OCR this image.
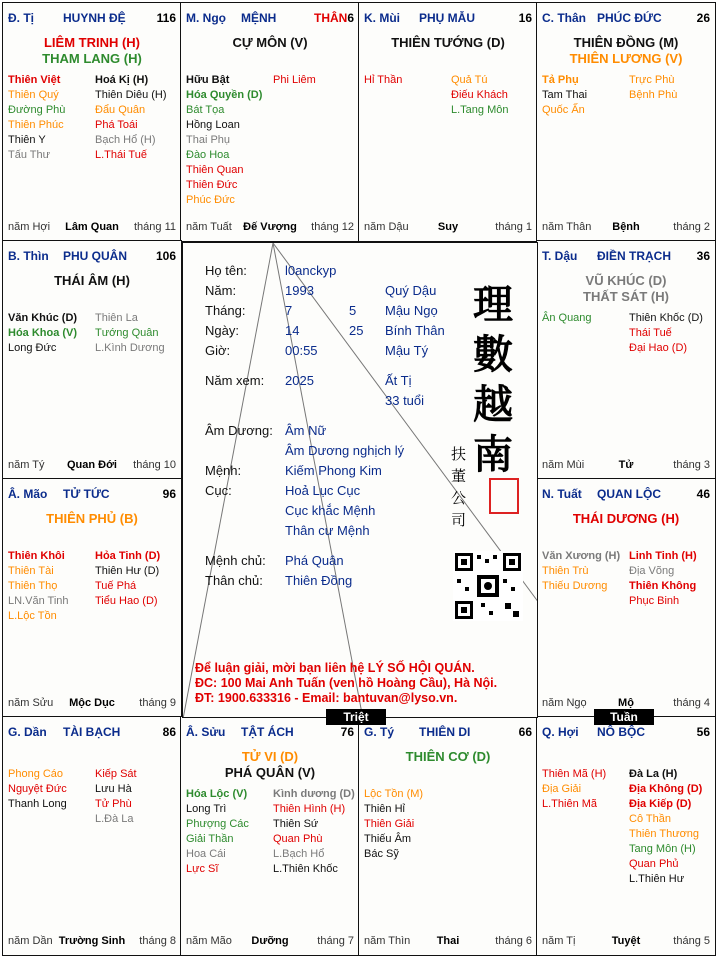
Đ. Tị HUYNH ĐỆ	116
LIÊM TRINH (H)
THAM LANG (H)
Thiên Việt
Thiên Quý
Đường Phù
Thiên Phúc
Thiên Y
Tấu Thư
Hoá Kị (H)
Thiên Diêu (H)
Đẩu Quân
Phá Toái
Bạch Hổ (H)
L.Thái Tuế
năm Hợi	Lâm Quan	tháng 11
M. Ngọ MỆNH	THÂN 6
CỰ MÔN (V)
Hữu Bật
Hóa Quyền (D)
Bát Tọa
Hồng Loan
Thai Phụ
Đào Hoa
Thiên Quan
Thiên Đức
Phúc Đức
Phi Liêm
năm Tuất	Đế Vượng	tháng 12
K. Mùi PHỤ MẪU	16
THIÊN TƯỚNG (D)
Hỉ Thần	Quả Tú
Điếu Khách
L.Tang Môn
năm Dậu	Suy	tháng 1
C. Thân PHÚC ĐỨC	26
THIÊN ĐỒNG (M)
THIÊN LƯƠNG (V)
Tả Phụ
Tam Thai
Quốc Ấn
Trực Phù
Bệnh Phù
năm Thân	Bệnh	tháng 2
B. Thìn PHU QUÂN 106
THÁI ÂM (H)
Văn Khúc (D)
Hóa Khoa (V)
Long Đức
Thiên La
Tướng Quân
L.Kình Dương
năm Tý	Quan Đới	tháng 10
T. Dậu ĐIỀN TRẠCH 36
VŨ KHÚC (D)
THẤT SÁT (H)
Ân Quang	Thiên Khốc (D)
Thái Tuế
Đại Hao (D)
năm Mùi	Tử	tháng 3
Â. Mão TỬ TỨC	96
THIÊN PHỦ (B)
Thiên Khôi
Thiên Tài
Thiên Thọ
LN.Văn Tinh
L.Lộc Tồn
Hỏa Tinh (D)
Thiên Hư (D)
Tuế Phá
Tiểu Hao (D)
năm Sửu	Mộc Dục	tháng 9
N. Tuất QUAN LỘC	46
THÁI DƯƠNG (H)
Văn Xương (H)
Thiên Trù
Thiếu Dương
Linh Tinh (H)
Địa Võng
Thiên Không
Phục Binh
năm Ngọ	Mộ	tháng 4
G. Dần TÀI BẠCH	86
Phong Cáo
Nguyệt Đức
Thanh Long
Kiếp Sát
Lưu Hà
Tử Phù
L.Đà La
năm Dần Trường Sinh	tháng 8
Â. Sửu TẬT ÁCH	76
TỬ VI (D)
PHÁ QUÂN (V)
Hóa Lộc (V)
Long Trì
Phượng Các
Giải Thần
Hoa Cái
Lực Sĩ
Kình dương (D)
Thiên Hình (H)
Thiên Sứ
Quan Phù
L.Bạch Hổ
L.Thiên Khốc
năm Mão	Dưỡng	tháng 7
G. Tý THIÊN DI	66
THIÊN CƠ (D)
Lộc Tồn (M)
Thiên Hỉ
Thiên Giải
Thiếu Âm
Bác Sỹ
năm Thìn	Thai	tháng 6
Q. Hợi NÔ BỘC	56
Thiên Mã (H)
Địa Giải
L.Thiên Mã
Đà La (H)
Địa Không (D)
Địa Kiếp (D)
Cô Thần
Thiên Thương
Tang Môn (H)
Quan Phủ
L.Thiên Hư
năm Tị	Tuyệt	tháng 5
Họ tên:	l0anckyp
Năm:	1993	Quý Dậu
Tháng:	7	5 Mậu Ngọ
Ngày:	14	25 Bính Thân
Giờ:	00:55	Mậu Tý
Năm xem: 2025	Ất Tị
33 tuổi
Âm Dương: Âm Nữ
Âm Dương nghịch lý
Mệnh:	Kiếm Phong Kim
Cục:	Hoả Lục Cục
Cục khắc Mệnh
Thân cư Mệnh
Mệnh chủ: Phá Quân
Thân chủ: Thiên Đồng
理
數
越
南
扶
董
公
司
Để luận giải, mời bạn liên hệ LÝ SỐ HỘI QUÁN.
ĐC: 100 Mai Anh Tuấn (ven hồ Hoàng Cầu), Hà Nội.
ĐT: 1900.633316 - Email: bantuvan@lyso.vn.
Triệt	Tuần
